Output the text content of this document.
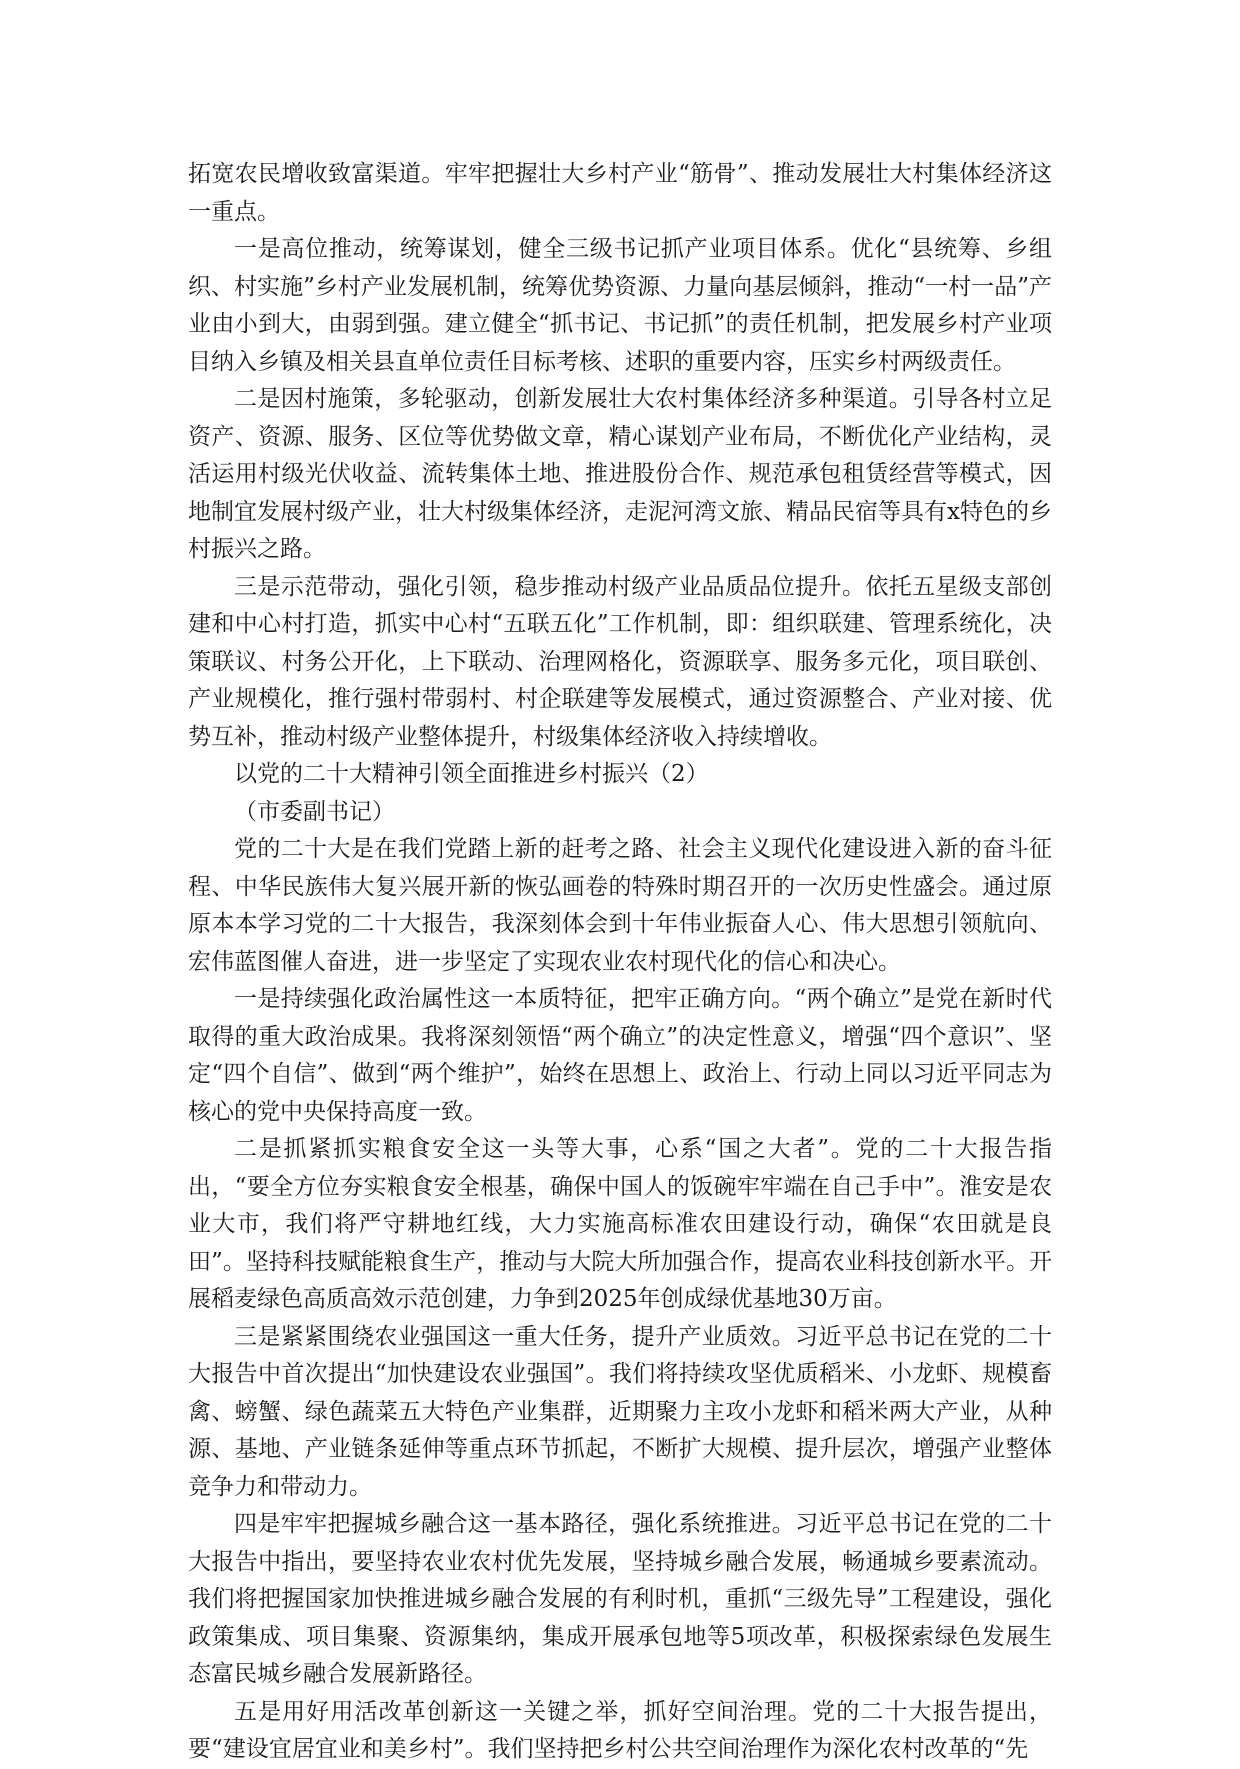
拓宽农民增收致富渠道。牢牢把握壮大乡村产业“筋骨”、推动发展壮大村集体经济这一重点。

一是高位推动，统筹谋划，健全三级书记抓产业项目体系。优化“县统筹、乡组织、村实施”乡村产业发展机制，统筹优势资源、力量向基层倾斜，推动“一村一品”产业由小到大，由弱到强。建立健全“抓书记、书记抓”的责任机制，把发展乡村产业项目纳入乡镇及相关县直单位责任目标考核、述职的重要内容，压实乡村两级责任。

二是因村施策，多轮驱动，创新发展壮大农村集体经济多种渠道。引导各村立足资产、资源、服务、区位等优势做文章，精心谋划产业布局，不断优化产业结构，灵活运用村级光伏收益、流转集体土地、推进股份合作、规范承包租赁经营等模式，因地制宜发展村级产业，壮大村级集体经济，走泥河湾文旅、精品民宿等具有x特色的乡村振兴之路。

三是示范带动，强化引领，稳步推动村级产业品质品位提升。依托五星级支部创建和中心村打造，抓实中心村“五联五化”工作机制，即：组织联建、管理系统化，决策联议、村务公开化，上下联动、治理网格化，资源联享、服务多元化，项目联创、产业规模化，推行强村带弱村、村企联建等发展模式，通过资源整合、产业对接、优势互补，推动村级产业整体提升，村级集体经济收入持续增收。

以党的二十大精神引领全面推进乡村振兴（2）

（市委副书记）

党的二十大是在我们党踏上新的赶考之路、社会主义现代化建设进入新的奋斗征程、中华民族伟大复兴展开新的恢弘画卷的特殊时期召开的一次历史性盛会。通过原原本本学习党的二十大报告，我深刻体会到十年伟业振奋人心、伟大思想引领航向、宏伟蓝图催人奋进，进一步坚定了实现农业农村现代化的信心和决心。

一是持续强化政治属性这一本质特征，把牢正确方向。“两个确立”是党在新时代取得的重大政治成果。我将深刻领悟“两个确立”的决定性意义，增强“四个意识”、坚定“四个自信”、做到“两个维护”，始终在思想上、政治上、行动上同以习近平同志为核心的党中央保持高度一致。

二是抓紧抓实粮食安全这一头等大事，心系“国之大者”。党的二十大报告指出，“要全方位夯实粮食安全根基，确保中国人的饭碗牢牢端在自己手中”。淮安是农业大市，我们将严守耕地红线，大力实施高标准农田建设行动，确保“农田就是良田”。坚持科技赋能粮食生产，推动与大院大所加强合作，提高农业科技创新水平。开展稻麦绿色高质高效示范创建，力争到2025年创成绿优基地30万亩。

三是紧紧围绕农业强国这一重大任务，提升产业质效。习近平总书记在党的二十大报告中首次提出“加快建设农业强国”。我们将持续攻坚优质稻米、小龙虾、规模畜禽、螃蟹、绿色蔬菜五大特色产业集群，近期聚力主攻小龙虾和稻米两大产业，从种源、基地、产业链条延伸等重点环节抓起，不断扩大规模、提升层次，增强产业整体竞争力和带动力。

四是牢牢把握城乡融合这一基本路径，强化系统推进。习近平总书记在党的二十大报告中指出，要坚持农业农村优先发展，坚持城乡融合发展，畅通城乡要素流动。我们将把握国家加快推进城乡融合发展的有利时机，重抓“三级先导”工程建设，强化政策集成、项目集聚、资源集纳，集成开展承包地等5项改革，积极探索绿色发展生态富民城乡融合发展新路径。

五是用好用活改革创新这一关键之举，抓好空间治理。党的二十大报告提出，要“建设宜居宜业和美乡村”。我们坚持把乡村公共空间治理作为深化农村改革的“先
